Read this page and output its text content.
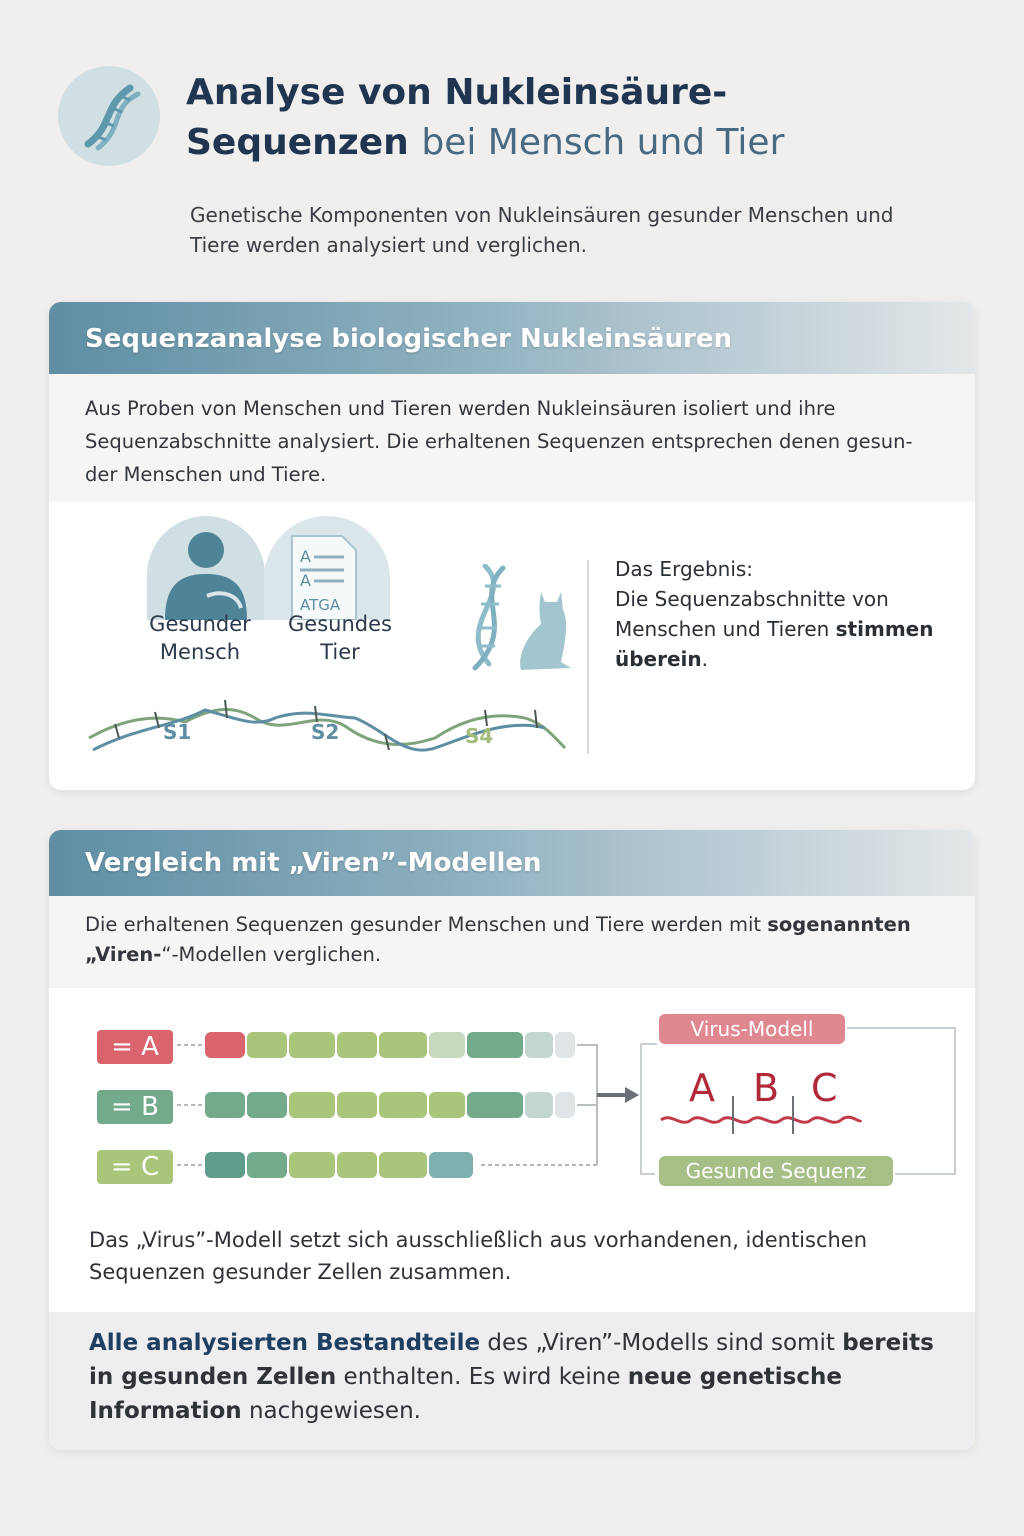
Analyse von Nukleinsäure-
Sequenzen bei Mensch und Tier
Genetische Komponenten von Nukleinsäuren gesunder Menschen und Tiere werden analysiert und verglichen.
Sequenzanalyse biologischer Nukleinsäuren
Aus Proben von Menschen und Tieren werden Nukleinsäuren isoliert und ihre Sequenzabschnitte analysiert. Die erhaltenen Sequenzen entsprechen denen gesun-der Menschen und Tiere.
A
A
ATGA
Gesunder Mensch
Gesundes Tier
S1	S2	S4
Das Ergebnis:
Die Sequenzabschnitte von Menschen und Tieren stimmen überein.
Vergleich mit „Viren”-Modellen
Die erhaltenen Sequenzen gesunder Menschen und Tiere werden mit sogenannten „Viren-“-Modellen verglichen.
= A
= B
= C
Virus-Modell
Gesunde Sequenz
A B C
Das „Virus”-Modell setzt sich ausschließlich aus vorhandenen, identischen Sequenzen gesunder Zellen zusammen.
Alle analysierten Bestandteile des „Viren”-Modells sind somit bereits in gesunden Zellen enthalten. Es wird keine neue genetische Information nachgewiesen.
